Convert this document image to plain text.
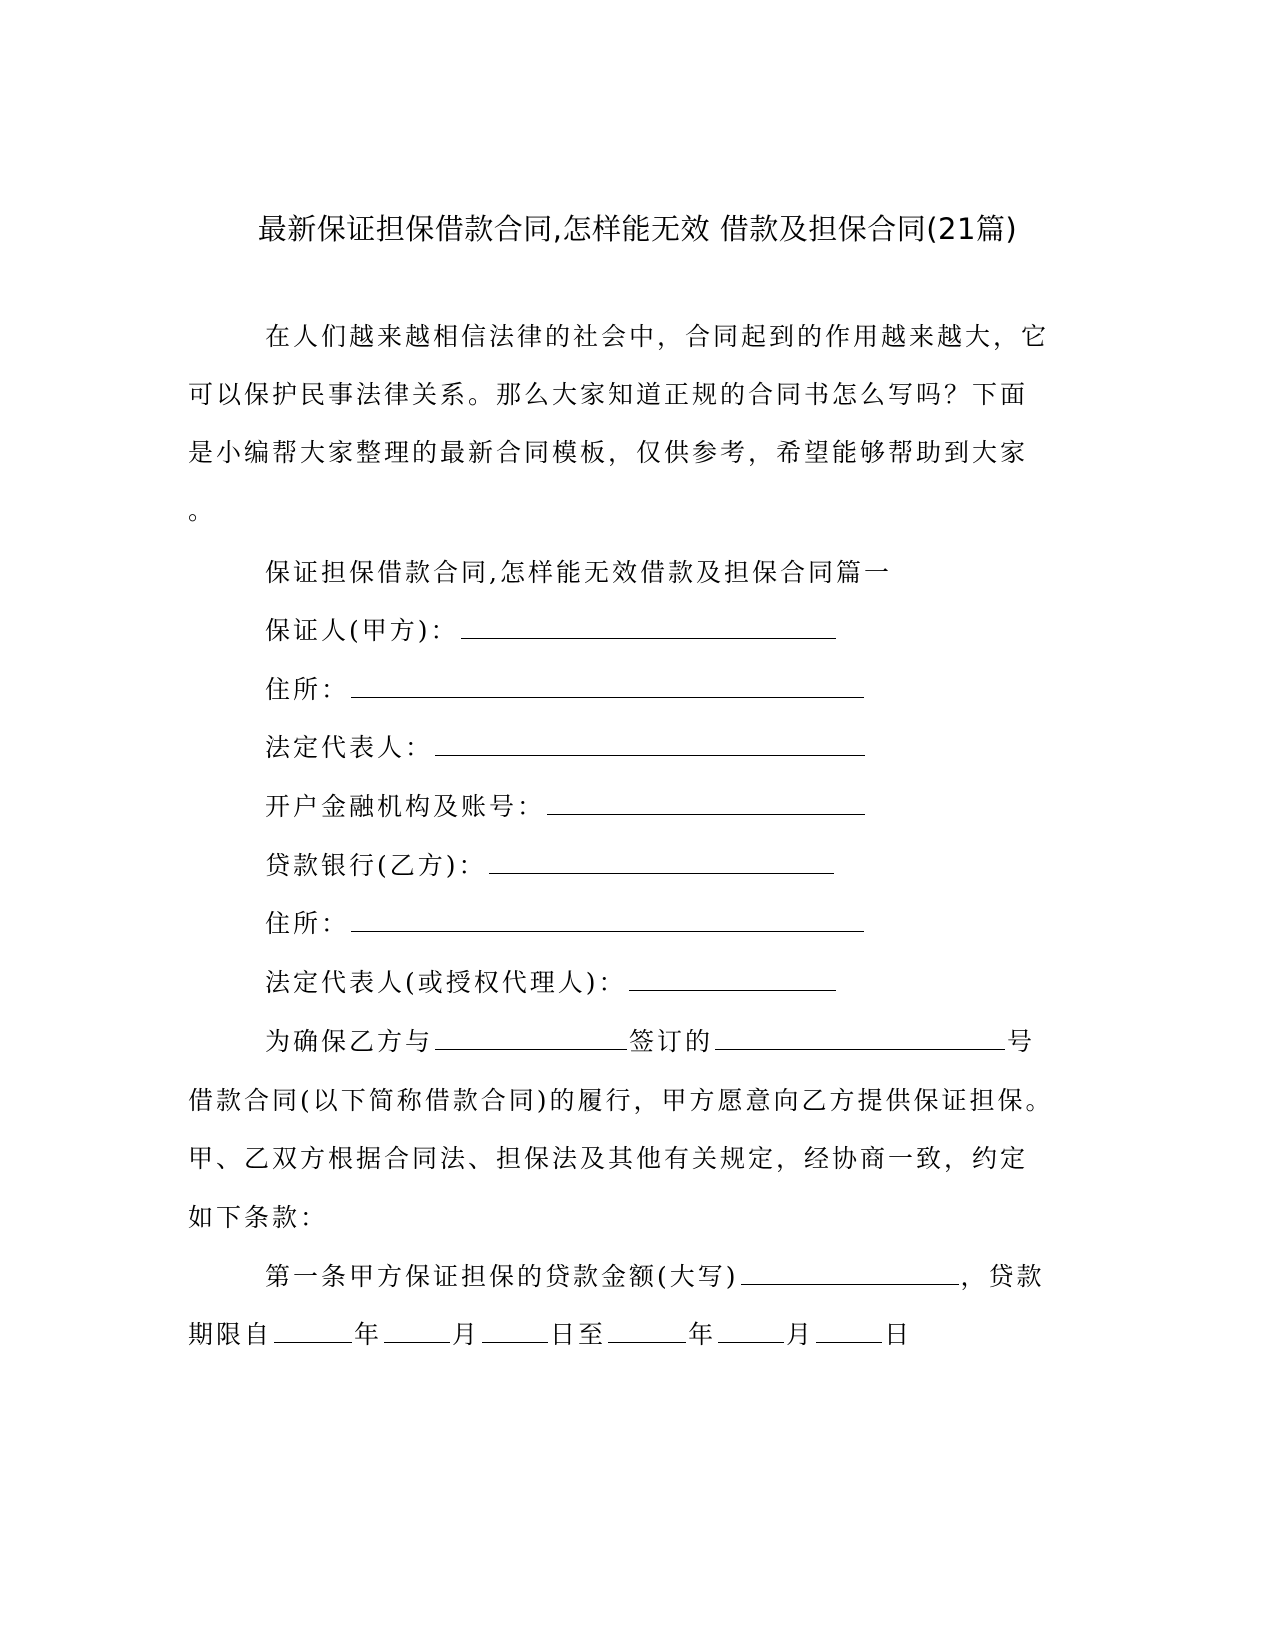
最新保证担保借款合同,怎样能无效 借款及担保合同(21篇)
在人们越来越相信法律的社会中，合同起到的作用越来越大，它
可以保护民事法律关系。那么大家知道正规的合同书怎么写吗？下面
是小编帮大家整理的最新合同模板，仅供参考，希望能够帮助到大家
。
保证担保借款合同,怎样能无效借款及担保合同篇一
保证人(甲方)：
住所：
法定代表人：
开户金融机构及账号：
贷款银行(乙方)：
住所：
法定代表人(或授权代理人)：
为确保乙方与	签订的	号
借款合同(以下简称借款合同)的履行，甲方愿意向乙方提供保证担保。
甲、乙双方根据合同法、担保法及其他有关规定，经协商一致，约定
如下条款：
第一条甲方保证担保的贷款金额(大写)	，贷款
期限自	年	月	日至	年	月	日
